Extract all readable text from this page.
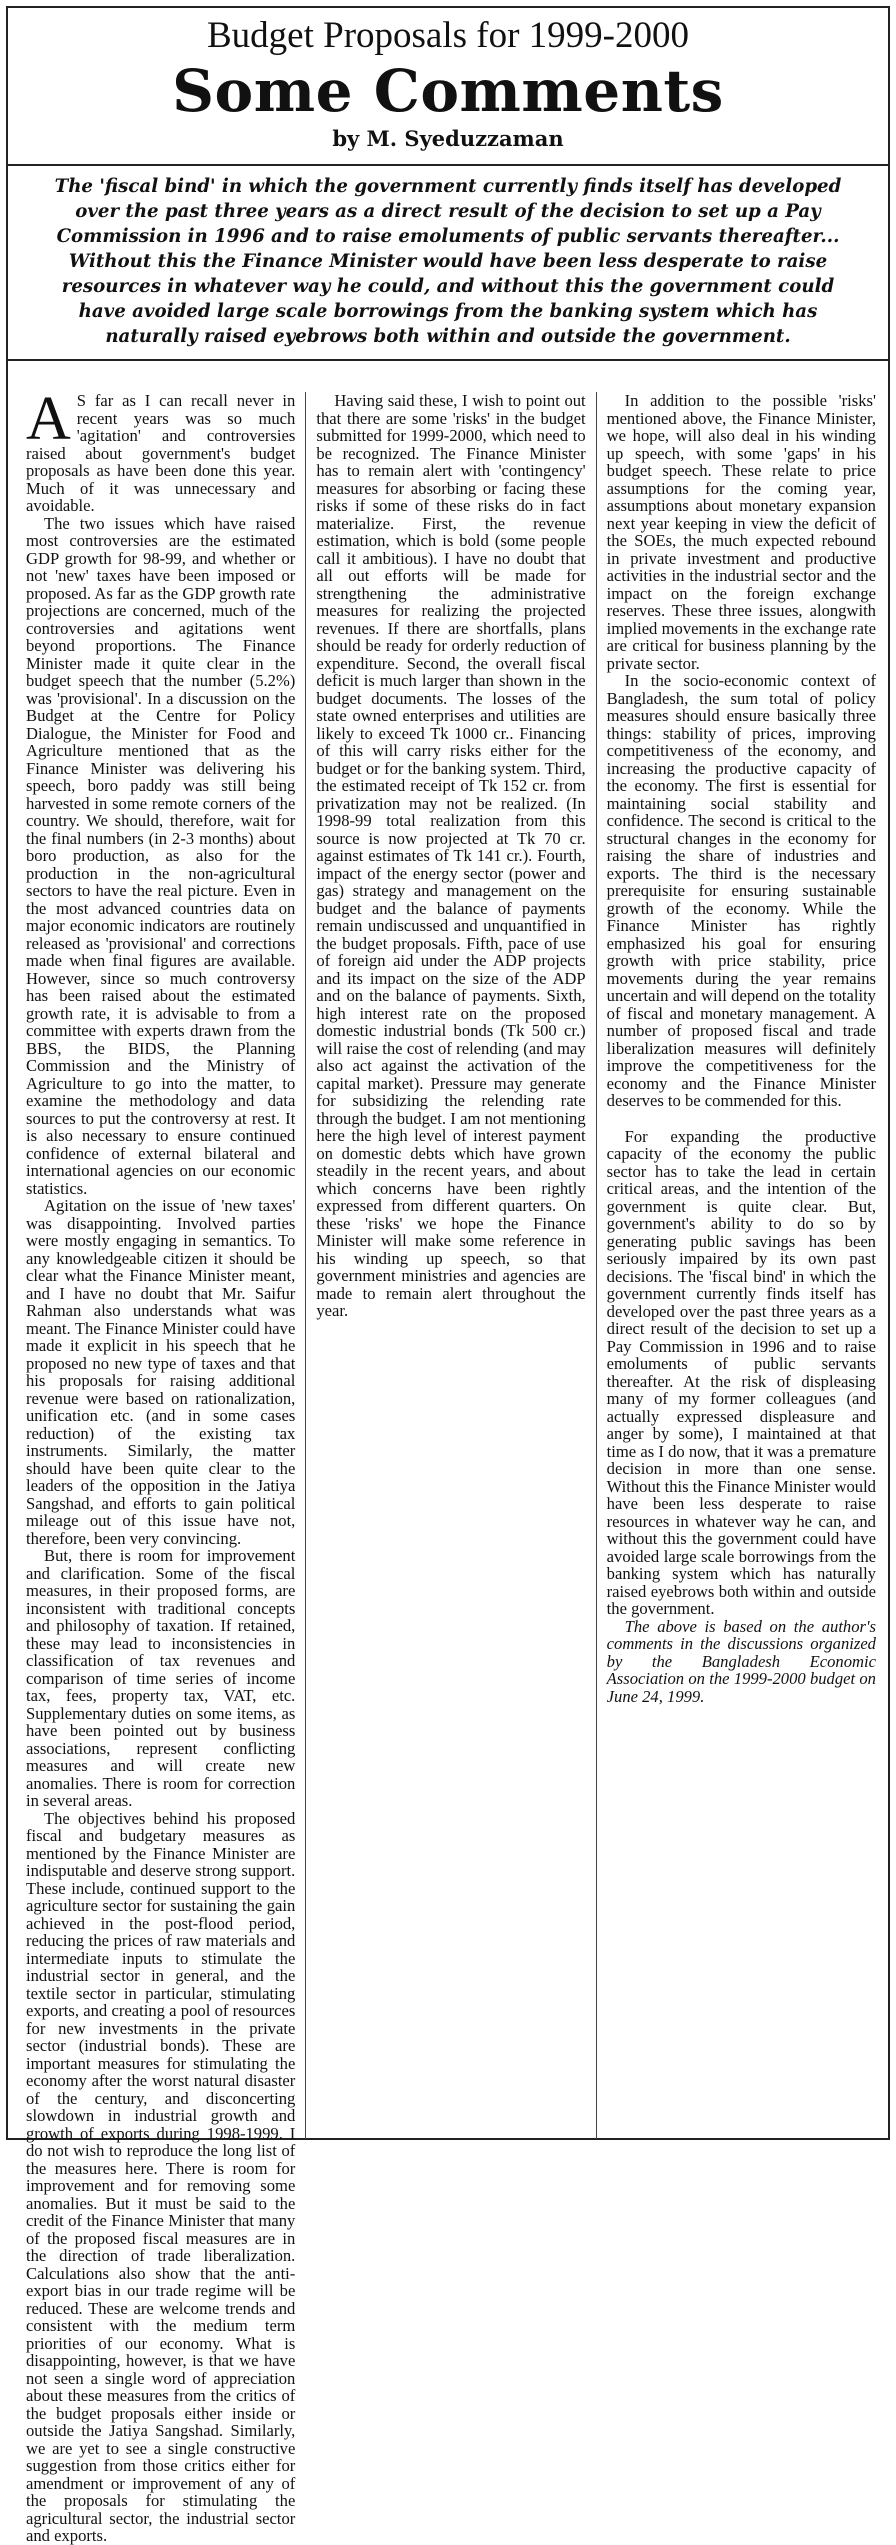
Budget Proposals for 1999-2000
Some Comments
by M. Syeduzzaman
The 'fiscal bind' in which the government currently finds itself has developed over the past three years as a direct result of the decision to set up a Pay Commission in 1996 and to raise emoluments of public servants thereafter... Without this the Finance Minister would have been less desperate to raise resources in whatever way he could, and without this the government could have avoided large scale borrowings from the banking system which has naturally raised eyebrows both within and outside the government.

A S far as I can recall never in recent years was so much 'agitation' and controversies raised about government's budget proposals as have been done this year. Much of it was unnecessary and avoidable.

The two issues which have raised most controversies are the estimated GDP growth for 98-99, and whether or not 'new' taxes have been imposed or proposed. As far as the GDP growth rate projections are concerned, much of the controversies and agitations went beyond proportions. The Finance Minister made it quite clear in the budget speech that the number (5.2%) was 'provisional'. In a discussion on the Budget at the Centre for Policy Dialogue, the Minister for Food and Agriculture mentioned that as the Finance Minister was delivering his speech, boro paddy was still being harvested in some remote corners of the country. We should, therefore, wait for the final numbers (in 2-3 months) about boro production, as also for the production in the non-agricultural sectors to have the real picture. Even in the most advanced countries data on major economic indicators are routinely released as 'provisional' and corrections made when final figures are available. However, since so much controversy has been raised about the estimated growth rate, it is advisable to from a committee with experts drawn from the BBS, the BIDS, the Planning Commission and the Ministry of Agriculture to go into the matter, to examine the methodology and data sources to put the controversy at rest. It is also necessary to ensure continued confidence of external bilateral and international agencies on our economic statistics.

Agitation on the issue of 'new taxes' was disappointing. Involved parties were mostly engaging in semantics. To any knowledgeable citizen it should be clear what the Finance Minister meant, and I have no doubt that Mr. Saifur Rahman also understands what was meant. The Finance Minister could have made it explicit in his speech that he proposed no new type of taxes and that his proposals for raising additional revenue were based on rationalization, unification etc. (and in some cases reduction) of the existing tax instruments. Similarly, the matter should have been quite clear to the leaders of the opposition in the Jatiya Sangshad, and efforts to gain political mileage out of this issue have not, therefore, been very convincing.

But, there is room for improvement and clarification. Some of the fiscal measures, in their proposed forms, are inconsistent with traditional concepts and philosophy of taxation. If retained, these may lead to inconsistencies in classification of tax revenues and comparison of time series of income tax, fees, property tax, VAT, etc. Supplementary duties on some items, as have been pointed out by business associations, represent conflicting measures and will create new anomalies. There is room for correction in several areas.

The objectives behind his proposed fiscal and budgetary measures as mentioned by the Finance Minister are indisputable and deserve strong support. These include, continued support to the agriculture sector for sustaining the gain achieved in the post-flood period, reducing the prices of raw materials and intermediate inputs to stimulate the industrial sector in general, and the textile sector in particular, stimulating exports, and creating a pool of resources for new investments in the private sector (industrial bonds). These are important measures for stimulating the economy after the worst natural disaster of the century, and disconcerting slowdown in industrial growth and growth of exports during 1998-1999. I do not wish to reproduce the long list of the measures here. There is room for improvement and for removing some anomalies. But it must be said to the credit of the Finance Minister that many of the proposed fiscal measures are in the direction of trade liberalization. Calculations also show that the anti-export bias in our trade regime will be reduced. These are welcome trends and consistent with the medium term priorities of our economy. What is disappointing, however, is that we have not seen a single word of appreciation about these measures from the critics of the budget proposals either inside or outside the Jatiya Sangshad. Similarly, we are yet to see a single constructive suggestion from those critics either for amendment or improvement of any of the proposals for stimulating the agricultural sector, the industrial sector and exports.

Having said these, I wish to point out that there are some 'risks' in the budget submitted for 1999-2000, which need to be recognized. The Finance Minister has to remain alert with 'contingency' measures for absorbing or facing these risks if some of these risks do in fact materialize. First, the revenue estimation, which is bold (some people call it ambitious). I have no doubt that all out efforts will be made for strengthening the administrative measures for realizing the projected revenues. If there are shortfalls, plans should be ready for orderly reduction of expenditure. Second, the overall fiscal deficit is much larger than shown in the budget documents. The losses of the state owned enterprises and utilities are likely to exceed Tk 1000 cr.. Financing of this will carry risks either for the budget or for the banking system. Third, the estimated receipt of Tk 152 cr. from privatization may not be realized. (In 1998-99 total realization from this source is now projected at Tk 70 cr. against estimates of Tk 141 cr.). Fourth, impact of the energy sector (power and gas) strategy and management on the budget and the balance of payments remain undiscussed and unquantified in the budget proposals. Fifth, pace of use of foreign aid under the ADP projects and its impact on the size of the ADP and on the balance of payments. Sixth, high interest rate on the proposed domestic industrial bonds (Tk 500 cr.) will raise the cost of relending (and may also act against the activation of the capital market). Pressure may generate for subsidizing the relending rate through the budget. I am not mentioning here the high level of interest payment on domestic debts which have grown steadily in the recent years, and about which concerns have been rightly expressed from different quarters. On these 'risks' we hope the Finance Minister will make some reference in his winding up speech, so that government ministries and agencies are made to remain alert throughout the year.

In addition to the possible 'risks' mentioned above, the Finance Minister, we hope, will also deal in his winding up speech, with some 'gaps' in his budget speech. These relate to price assumptions for the coming year, assumptions about monetary expansion next year keeping in view the deficit of the SOEs, the much expected rebound in private investment and productive activities in the industrial sector and the impact on the foreign exchange reserves. These three issues, alongwith implied movements in the exchange rate are critical for business planning by the private sector.

In the socio-economic context of Bangladesh, the sum total of policy measures should ensure basically three things: stability of prices, improving competitiveness of the economy, and increasing the productive capacity of the economy. The first is essential for maintaining social stability and confidence. The second is critical to the structural changes in the economy for raising the share of industries and exports. The third is the necessary prerequisite for ensuring sustainable growth of the economy. While the Finance Minister has rightly emphasized his goal for ensuring growth with price stability, price movements during the year remains uncertain and will depend on the totality of fiscal and monetary management. A number of proposed fiscal and trade liberalization measures will definitely improve the competitiveness for the economy and the Finance Minister deserves to be commended for this.

For expanding the productive capacity of the economy the public sector has to take the lead in certain critical areas, and the intention of the government is quite clear. But, government's ability to do so by generating public savings has been seriously impaired by its own past decisions. The 'fiscal bind' in which the government currently finds itself has developed over the past three years as a direct result of the decision to set up a Pay Commission in 1996 and to raise emoluments of public servants thereafter. At the risk of displeasing many of my former colleagues (and actually expressed displeasure and anger by some), I maintained at that time as I do now, that it was a premature decision in more than one sense. Without this the Finance Minister would have been less desperate to raise resources in whatever way he can, and without this the government could have avoided large scale borrowings from the banking system which has naturally raised eyebrows both within and outside the government.

The above is based on the author's comments in the discussions organized by the Bangladesh Economic Association on the 1999-2000 budget on June 24, 1999.
